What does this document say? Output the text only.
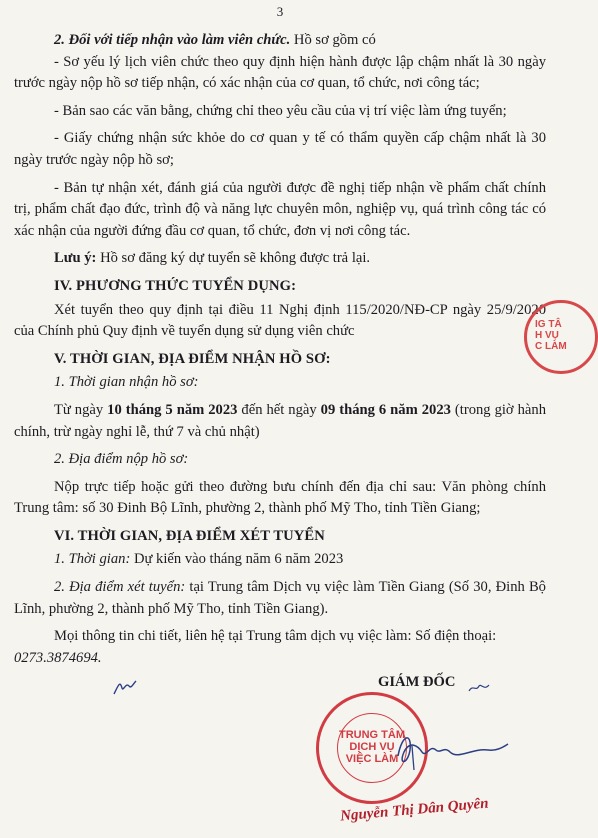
3

2. Đối với tiếp nhận vào làm viên chức. Hồ sơ gồm có

- Sơ yếu lý lịch viên chức theo quy định hiện hành được lập chậm nhất là 30 ngày trước ngày nộp hồ sơ tiếp nhận, có xác nhận của cơ quan, tổ chức, nơi công tác;

- Bản sao các văn bằng, chứng chỉ theo yêu cầu của vị trí việc làm ứng tuyển;

- Giấy chứng nhận sức khỏe do cơ quan y tế có thẩm quyền cấp chậm nhất là 30 ngày trước ngày nộp hồ sơ;

- Bản tự nhận xét, đánh giá của người được đề nghị tiếp nhận về phẩm chất chính trị, phẩm chất đạo đức, trình độ và năng lực chuyên môn, nghiệp vụ, quá trình công tác có xác nhận của người đứng đầu cơ quan, tổ chức, đơn vị nơi công tác.

Lưu ý: Hồ sơ đăng ký dự tuyển sẽ không được trả lại.

IV. PHƯƠNG THỨC TUYỂN DỤNG:

Xét tuyển theo quy định tại điều 11 Nghị định 115/2020/NĐ-CP ngày 25/9/2020 của Chính phủ Quy định về tuyển dụng sử dụng viên chức

V. THỜI GIAN, ĐỊA ĐIỂM NHẬN HỒ SƠ:

1. Thời gian nhận hồ sơ:

Từ ngày 10 tháng 5 năm 2023 đến hết ngày 09 tháng 6 năm 2023 (trong giờ hành chính, trừ ngày nghỉ lễ, thứ 7 và chủ nhật)

2. Địa điểm nộp hồ sơ:

Nộp trực tiếp hoặc gửi theo đường bưu chính đến địa chỉ sau: Văn phòng chính Trung tâm: số 30 Đinh Bộ Lĩnh, phường 2, thành phố Mỹ Tho, tỉnh Tiền Giang;

VI. THỜI GIAN, ĐỊA ĐIỂM XÉT TUYỂN

1. Thời gian: Dự kiến vào tháng năm 6 năm 2023

2. Địa điểm xét tuyển: tại Trung tâm Dịch vụ việc làm Tiền Giang (Số 30, Đinh Bộ Lĩnh, phường 2, thành phố Mỹ Tho, tỉnh Tiền Giang).

Mọi thông tin chi tiết, liên hệ tại Trung tâm dịch vụ việc làm: Số điện thoại:

0273.3874694.

IG TÂ
H VỤ
C LÀM
GIÁM ĐỐC
TRUNG TÂM
DỊCH VỤ
VIỆC LÀM
Nguyễn Thị Dân Quyên
